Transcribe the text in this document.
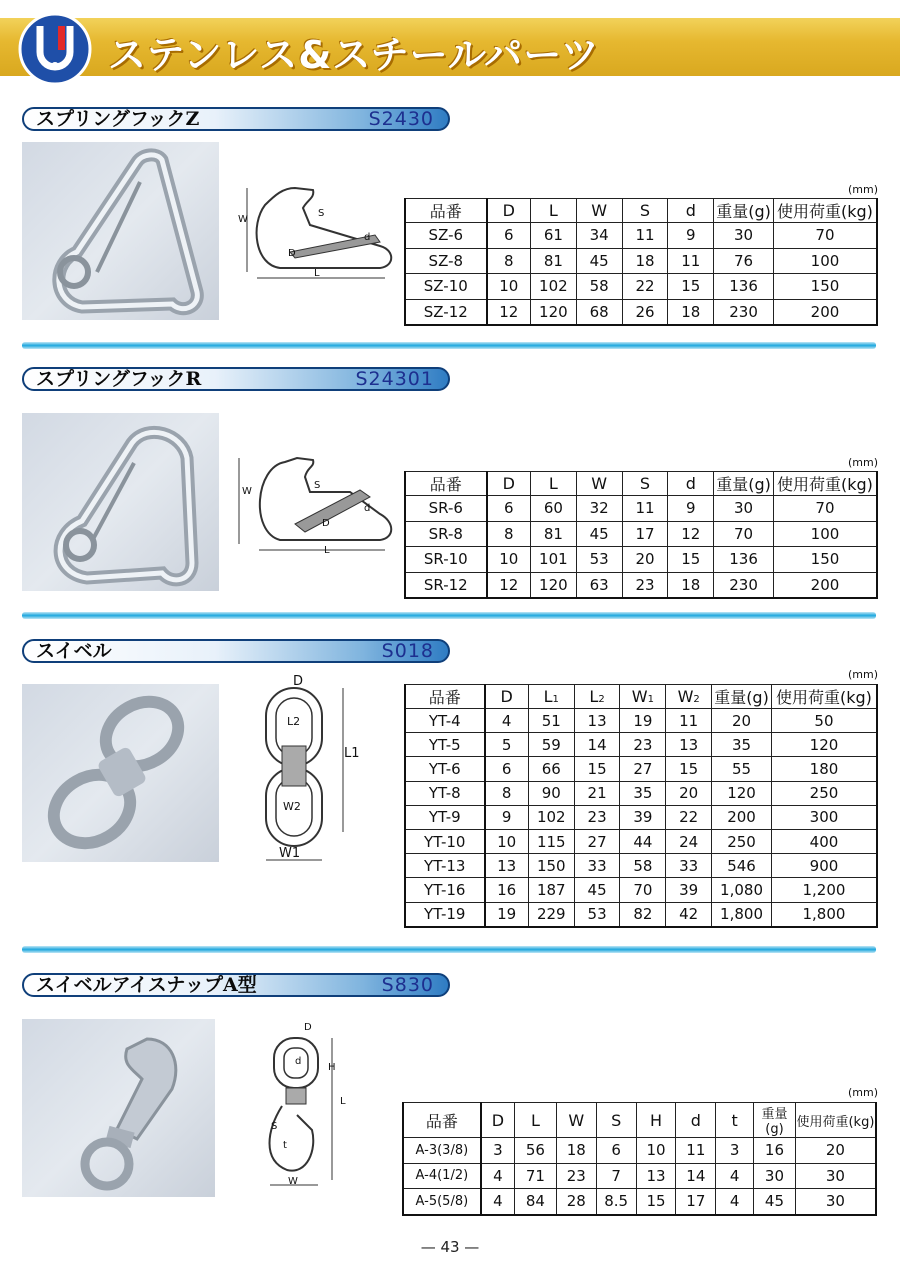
ステンレス&スチールパーツ
スプリングフックZ	S2430
W
S
d
D
L
(mm)
品番	D	L	W	S	d	重量(g)	使用荷重(kg)
SZ-6	6	61	34	11	9	30	70
SZ-8	8	81	45	18	11	76	100
SZ-10	10	102	58	22	15	136	150
SZ-12	12	120	68	26	18	230	200
スプリングフックR	S24301
W
S
d
D
L
(mm)
品番	D	L	W	S	d	重量(g)	使用荷重(kg)
SR-6	6	60	32	11	9	30	70
SR-8	8	81	45	17	12	70	100
SR-10	10	101	53	20	15	136	150
SR-12	12	120	63	23	18	230	200
スイベル	S018
D
L2
L1
W2
W1
(mm)
品番	D	L1	L2	W1	W2	重量(g)	使用荷重(kg)
YT-4	4	51	13	19	11	20	50
YT-5	5	59	14	23	13	35	120
YT-6	6	66	15	27	15	55	180
YT-8	8	90	21	35	20	120	250
YT-9	9	102	23	39	22	200	300
YT-10	10	115	27	44	24	250	400
YT-13	13	150	33	58	33	546	900
YT-16	16	187	45	70	39	1,080	1,200
YT-19	19	229	53	82	42	1,800	1,800
スイベルアイスナップA型	S830
D
d
H
L
S
t
W
(mm)
品番	D	L	W	S	H	d	t	重量(g)	使用荷重(kg)
A-3(3/8)	3	56	18	6	10	11	3	16	20
A-4(1/2)	4	71	23	7	13	14	4	30	30
A-5(5/8)	4	84	28	8.5	15	17	4	45	30
— 43 —
